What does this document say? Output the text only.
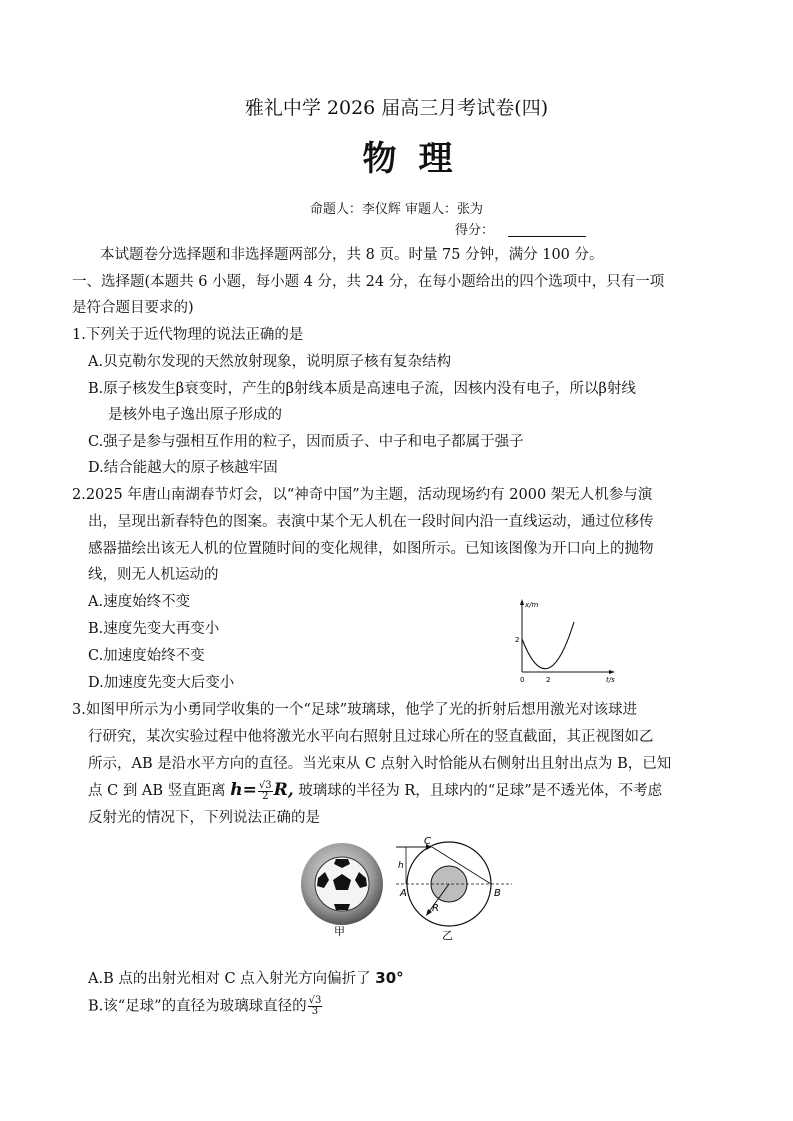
雅礼中学 2026 届高三月考试卷(四)
物理
命题人：李仪辉 审题人：张为
得分：
本试题卷分选择题和非选择题两部分，共 8 页。时量 75 分钟，满分 100 分。
一、选择题(本题共 6 小题，每小题 4 分，共 24 分，在每小题给出的四个选项中，只有一项
是符合题目要求的)
1.下列关于近代物理的说法正确的是
A.贝克勒尔发现的天然放射现象，说明原子核有复杂结构
B.原子核发生β衰变时，产生的β射线本质是高速电子流，因核内没有电子，所以β射线
是核外电子逸出原子形成的
C.强子是参与强相互作用的粒子，因而质子、中子和电子都属于强子
D.结合能越大的原子核越牢固
2.2025 年唐山南湖春节灯会，以“神奇中国”为主题，活动现场约有 2000 架无人机参与演
出，呈现出新春特色的图案。表演中某个无人机在一段时间内沿一直线运动，通过位移传
感器描绘出该无人机的位置随时间的变化规律，如图所示。已知该图像为开口向上的抛物
线，则无人机运动的
A.速度始终不变
B.速度先变大再变小
C.加速度始终不变
D.加速度先变大后变小
x/m
t/s
2
2
0
3.如图甲所示为小勇同学收集的一个“足球”玻璃球，他学了光的折射后想用激光对该球进
行研究，某次实验过程中他将激光水平向右照射且过球心所在的竖直截面，其正视图如乙
所示，AB 是沿水平方向的直径。当光束从 C 点射入时恰能从右侧射出且射出点为 B，已知
点 C 到 AB 竖直距离 $h= \frac{√3}{2} R$, 玻璃球的半径为 R，且球内的“足球”是不透光体，不考虑
反射光的情况下，下列说法正确的是
甲
C
h
A	B
R
乙
A.B 点的出射光相对 C 点入射光方向偏折了 30°
B.该“足球”的直径为玻璃球直径的 $\frac{√3}{3}$
